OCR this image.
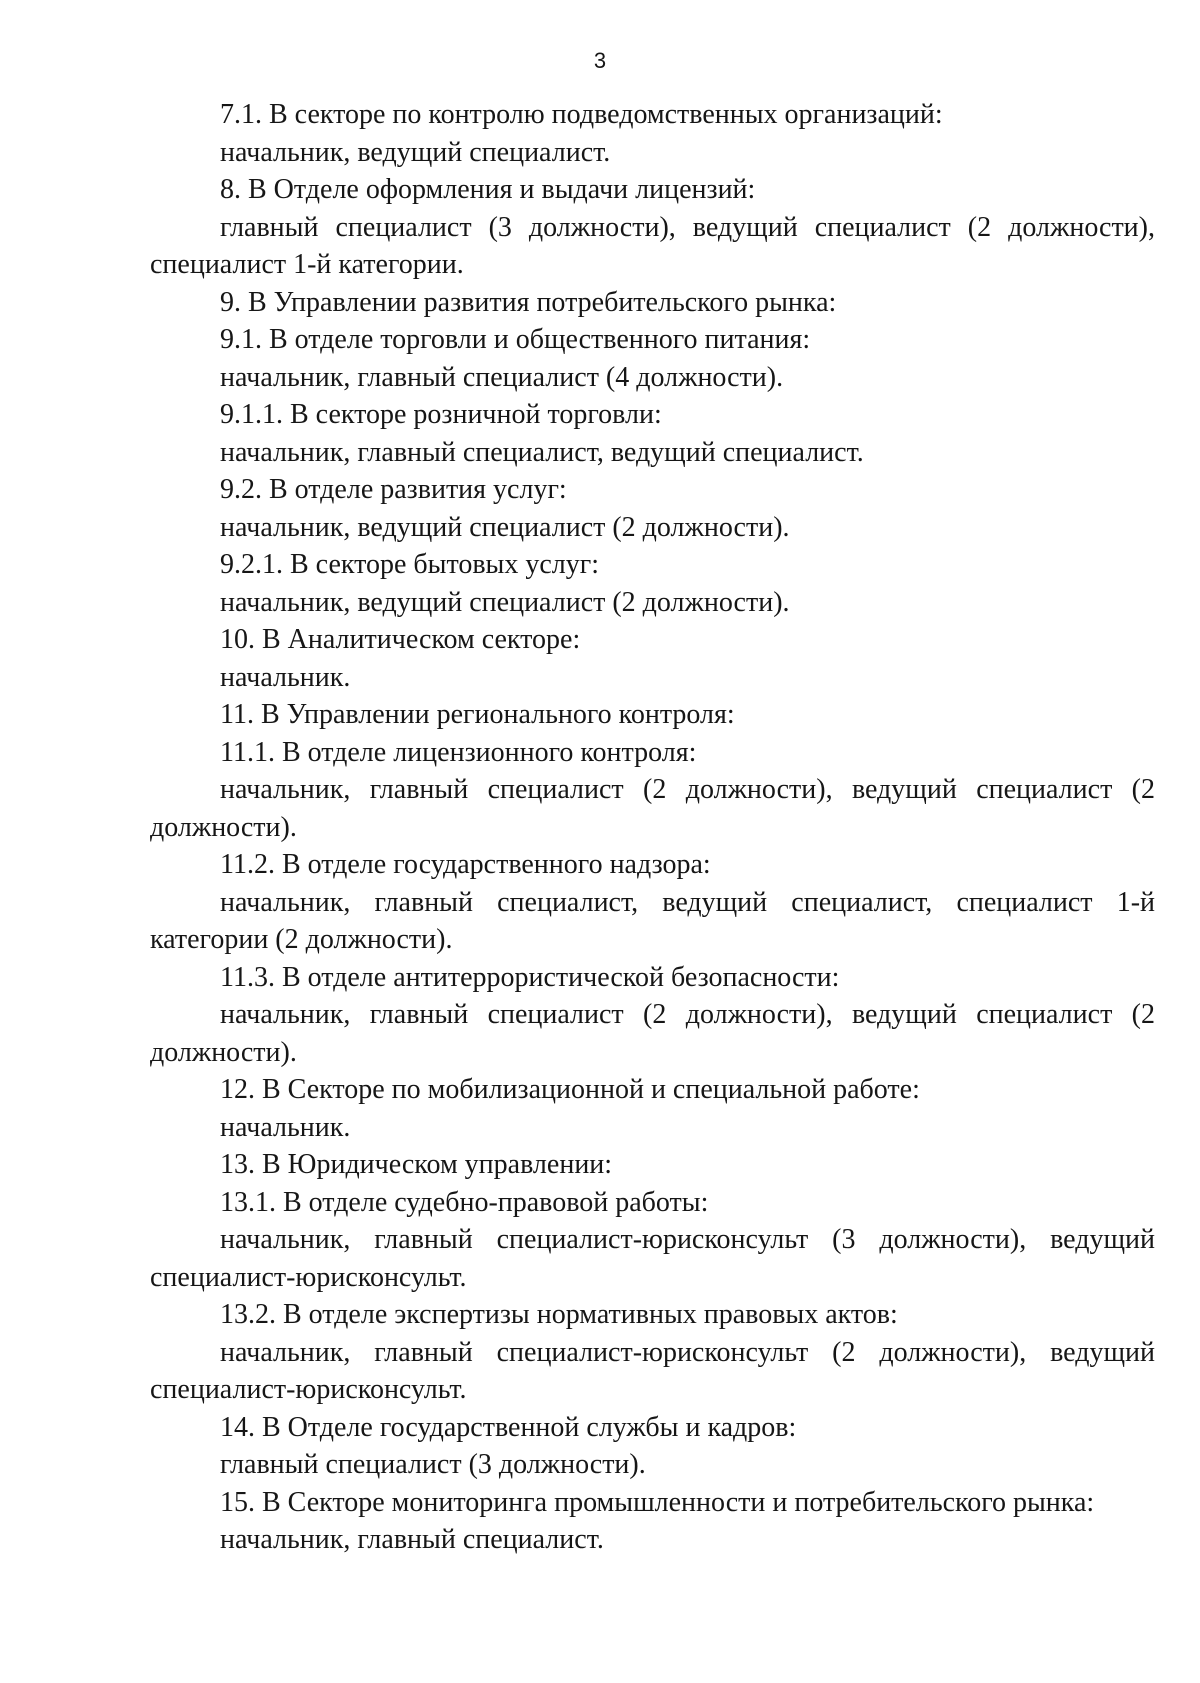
3

7.1. В секторе по контролю подведомственных организаций:

начальник, ведущий специалист.

8. В Отделе оформления и выдачи лицензий:

главный специалист (3 должности), ведущий специалист (2 должности), специалист 1-й категории.

9. В Управлении развития потребительского рынка:

9.1. В отделе торговли и общественного питания:

начальник, главный специалист (4 должности).

9.1.1. В секторе розничной торговли:

начальник, главный специалист, ведущий специалист.

9.2. В отделе развития услуг:

начальник, ведущий специалист (2 должности).

9.2.1. В секторе бытовых услуг:

начальник, ведущий специалист (2 должности).

10. В Аналитическом секторе:

начальник.

11. В Управлении регионального контроля:

11.1. В отделе лицензионного контроля:

начальник, главный специалист (2 должности), ведущий специалист (2 должности).

11.2. В отделе государственного надзора:

начальник, главный специалист, ведущий специалист, специалист 1-й категории (2 должности).

11.3. В отделе антитеррористической безопасности:

начальник, главный специалист (2 должности), ведущий специалист (2 должности).

12. В Секторе по мобилизационной и специальной работе:

начальник.

13. В Юридическом управлении:

13.1. В отделе судебно-правовой работы:

начальник, главный специалист-юрисконсульт (3 должности), ведущий специалист-юрисконсульт.

13.2. В отделе экспертизы нормативных правовых актов:

начальник, главный специалист-юрисконсульт (2 должности), ведущий специалист-юрисконсульт.

14. В Отделе государственной службы и кадров:

главный специалист (3 должности).

15. В Секторе мониторинга промышленности и потребительского рынка:

начальник, главный специалист.
